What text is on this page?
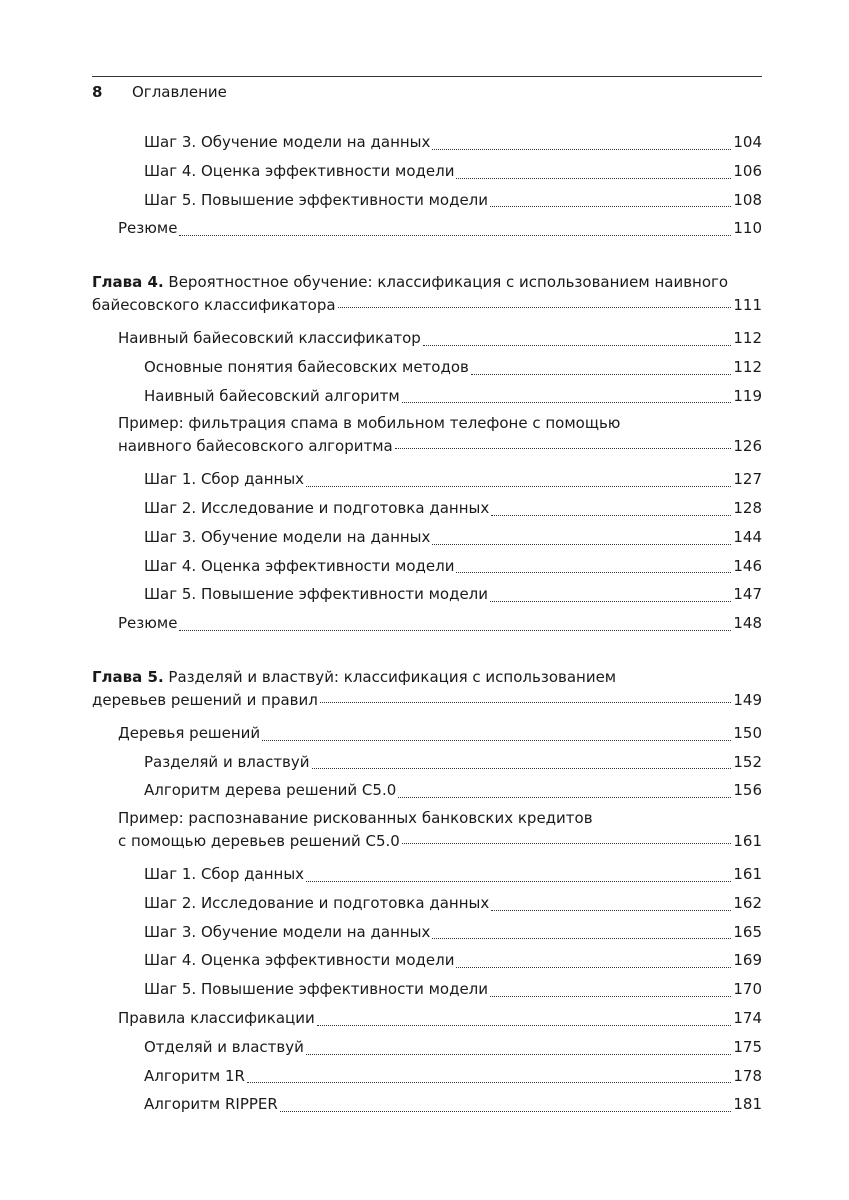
8 Оглавление
Шаг 3. Обучение модели на данных	104
Шаг 4. Оценка эффективности модели	106
Шаг 5. Повышение эффективности модели	108
Резюме	110
Глава 4. Вероятностное обучение: классификация с использованием наивного
байесовского классификатора	111
Наивный байесовский классификатор	112
Основные понятия байесовских методов	112
Наивный байесовский алгоритм	119
Пример: фильтрация спама в мобильном телефоне с помощью
наивного байесовского алгоритма	126
Шаг 1. Сбор данных	127
Шаг 2. Исследование и подготовка данных	128
Шаг 3. Обучение модели на данных	144
Шаг 4. Оценка эффективности модели	146
Шаг 5. Повышение эффективности модели	147
Резюме	148
Глава 5. Разделяй и властвуй: классификация с использованием
деревьев решений и правил	149
Деревья решений	150
Разделяй и властвуй	152
Алгоритм дерева решений C5.0	156
Пример: распознавание рискованных банковских кредитов
с помощью деревьев решений C5.0	161
Шаг 1. Сбор данных	161
Шаг 2. Исследование и подготовка данных	162
Шаг 3. Обучение модели на данных	165
Шаг 4. Оценка эффективности модели	169
Шаг 5. Повышение эффективности модели	170
Правила классификации	174
Отделяй и властвуй	175
Алгоритм 1R	178
Алгоритм RIPPER	181
